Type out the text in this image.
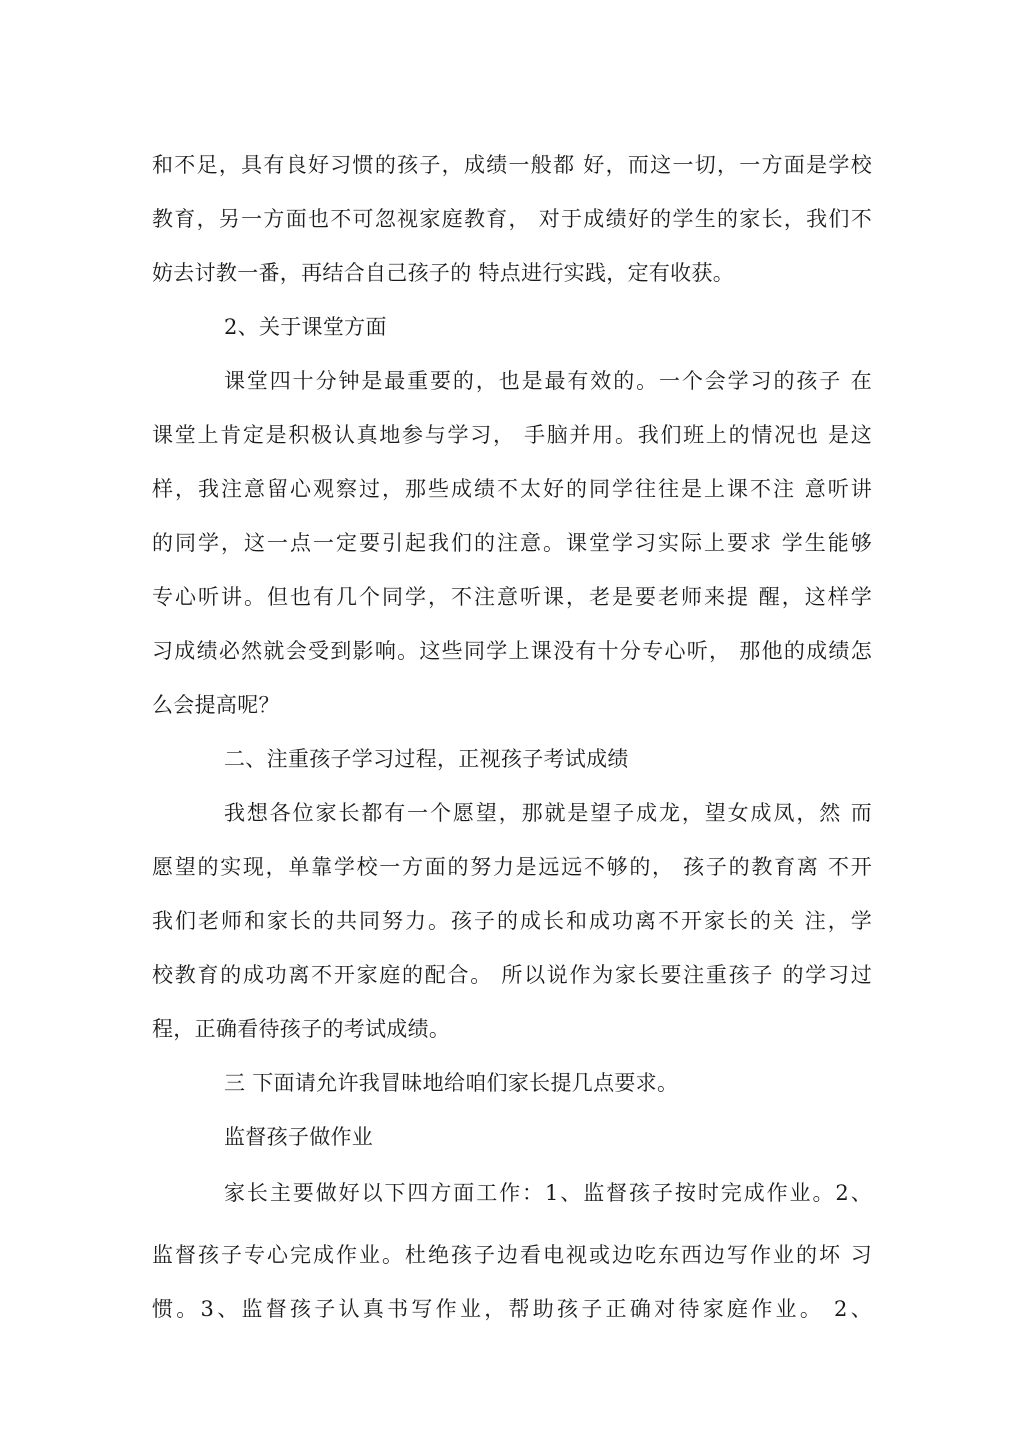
和不足，具有良好习惯的孩子，成绩一般都 好，而这一切，一方面是学校
教育，另一方面也不可忽视家庭教育， 对于成绩好的学生的家长，我们不
妨去讨教一番，再结合自己孩子的 特点进行实践，定有收获。
2、关于课堂方面
课堂四十分钟是最重要的，也是最有效的。一个会学习的孩子 在
课堂上肯定是积极认真地参与学习， 手脑并用。我们班上的情况也 是这
样，我注意留心观察过，那些成绩不太好的同学往往是上课不注 意听讲
的同学，这一点一定要引起我们的注意。课堂学习实际上要求 学生能够
专心听讲。但也有几个同学，不注意听课，老是要老师来提 醒，这样学
习成绩必然就会受到影响。这些同学上课没有十分专心听， 那他的成绩怎
么会提高呢？
二、注重孩子学习过程，正视孩子考试成绩
我想各位家长都有一个愿望，那就是望子成龙，望女成凤，然 而
愿望的实现，单靠学校一方面的努力是远远不够的， 孩子的教育离 不开
我们老师和家长的共同努力。孩子的成长和成功离不开家长的关 注，学
校教育的成功离不开家庭的配合。 所以说作为家长要注重孩子 的学习过
程，正确看待孩子的考试成绩。
三 下面请允许我冒昧地给咱们家长提几点要求。
监督孩子做作业
家长主要做好以下四方面工作：1、监督孩子按时完成作业。2、
监督孩子专心完成作业。杜绝孩子边看电视或边吃东西边写作业的坏 习
惯。3、监督孩子认真书写作业，帮助孩子正确对待家庭作业。 2、
